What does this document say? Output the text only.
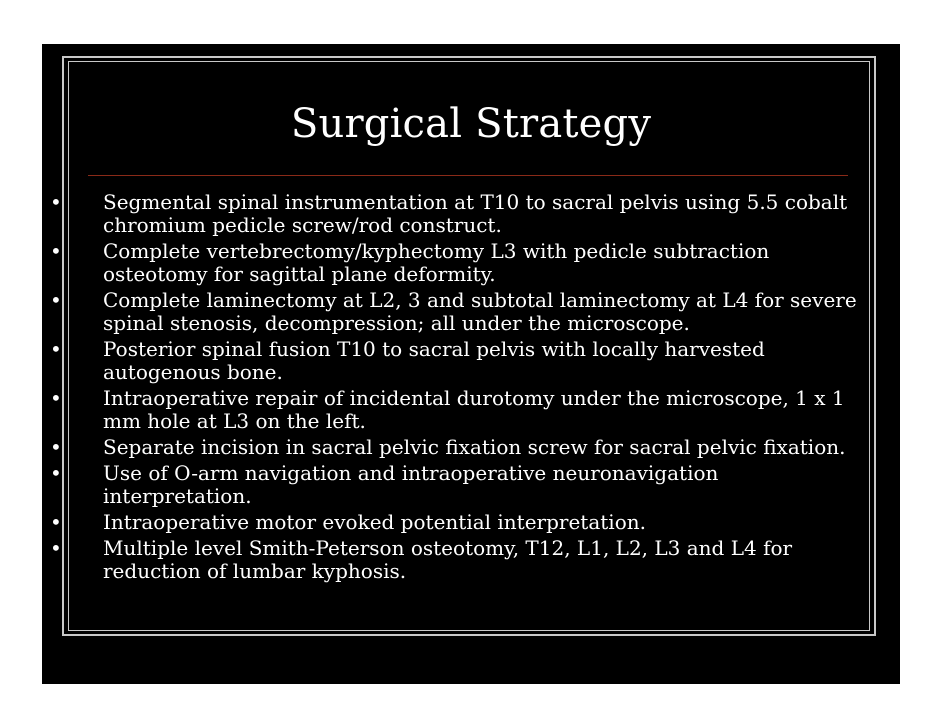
Surgical Strategy
• Segmental spinal instrumentation at T10 to sacral pelvis using 5.5 cobalt chromium pedicle screw/rod construct.
• Complete vertebrectomy/kyphectomy L3 with pedicle subtraction osteotomy for sagittal plane deformity.
• Complete laminectomy at L2, 3 and subtotal laminectomy at L4 for severe spinal stenosis, decompression; all under the microscope.
• Posterior spinal fusion T10 to sacral pelvis with locally harvested autogenous bone.
• Intraoperative repair of incidental durotomy under the microscope, 1 x 1 mm hole at L3 on the left.
• Separate incision in sacral pelvic fixation screw for sacral pelvic fixation.
• Use of O-arm navigation and intraoperative neuronavigation interpretation.
• Intraoperative motor evoked potential interpretation.
• Multiple level Smith-Peterson osteotomy, T12, L1, L2, L3 and L4 for reduction of lumbar kyphosis.
